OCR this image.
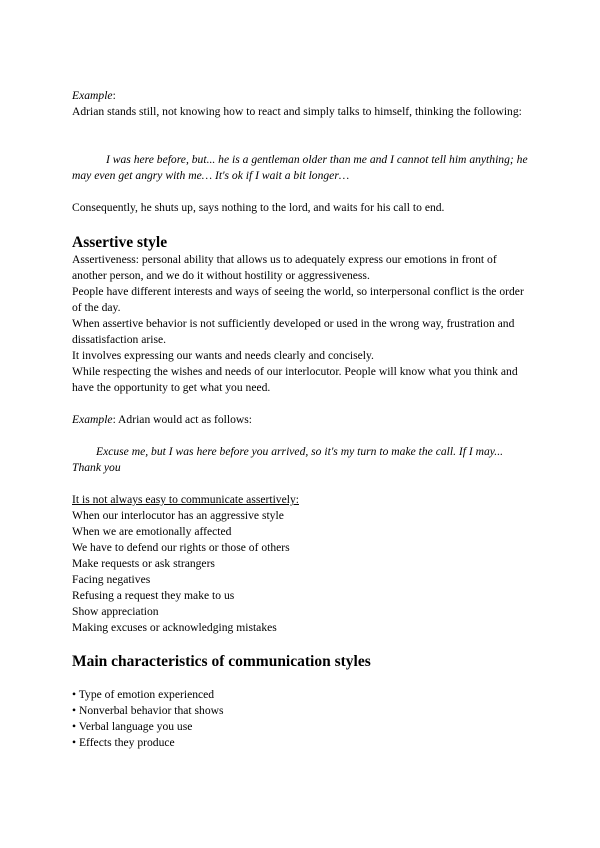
Example:
Adrian stands still, not knowing how to react and simply talks to himself, thinking the following:

I was here before, but... he is a gentleman older than me and I cannot tell him anything; he may even get angry with me… It's ok if I wait a bit longer…

Consequently, he shuts up, says nothing to the lord, and waits for his call to end.

Assertive style
Assertiveness: personal ability that allows us to adequately express our emotions in front of another person, and we do it without hostility or aggressiveness.
People have different interests and ways of seeing the world, so interpersonal conflict is the order of the day.
When assertive behavior is not sufficiently developed or used in the wrong way, frustration and dissatisfaction arise.
It involves expressing our wants and needs clearly and concisely.
While respecting the wishes and needs of our interlocutor. People will know what you think and have the opportunity to get what you need.

Example: Adrian would act as follows:

Excuse me, but I was here before you arrived, so it's my turn to make the call. If I may... Thank you

It is not always easy to communicate assertively:
When our interlocutor has an aggressive style
When we are emotionally affected
We have to defend our rights or those of others
Make requests or ask strangers
Facing negatives
Refusing a request they make to us
Show appreciation
Making excuses or acknowledging mistakes
Main characteristics of communication styles
• Type of emotion experienced
• Nonverbal behavior that shows
• Verbal language you use
• Effects they produce
